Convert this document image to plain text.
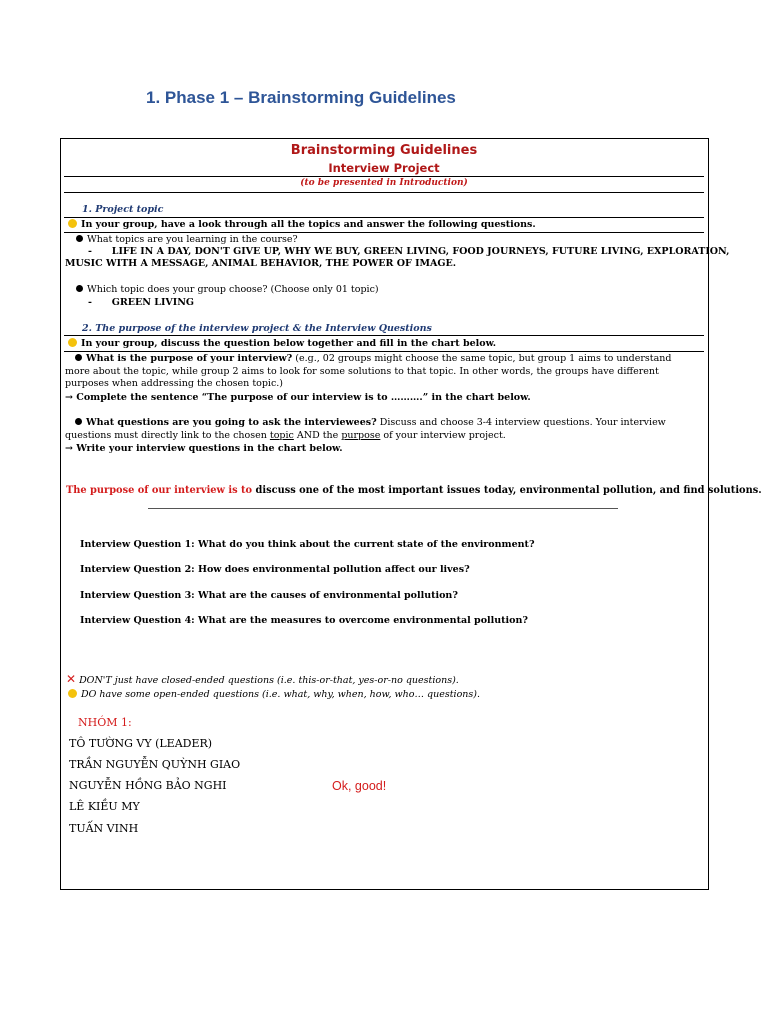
1. Phase 1 – Brainstorming Guidelines
Brainstorming Guidelines
Interview Project
(to be presented in Introduction)
1. Project topic
In your group, have a look through all the topics and answer the following questions.
What topics are you learning in the course?
-      LIFE IN A DAY, DON'T GIVE UP, WHY WE BUY, GREEN LIVING, FOOD JOURNEYS, FUTURE LIVING, EXPLORATION,
MUSIC WITH A MESSAGE, ANIMAL BEHAVIOR, THE POWER OF IMAGE.
Which topic does your group choose? (Choose only 01 topic)
-      GREEN LIVING
2. The purpose of the interview project & the Interview Questions
In your group, discuss the question below together and fill in the chart below.
What is the purpose of your interview? (e.g., 02 groups might choose the same topic, but group 1 aims to understand more about the topic, while group 2 aims to look for some solutions to that topic. In other words, the groups have different purposes when addressing the chosen topic.)
→ Complete the sentence “The purpose of our interview is to ……….” in the chart below.
What questions are you going to ask the interviewees? Discuss and choose 3-4 interview questions. Your interview questions must directly link to the chosen topic AND the purpose of your interview project.
→ Write your interview questions in the chart below.
The purpose of our interview is to discuss one of the most important issues today, environmental pollution, and find solutions.
Interview Question 1: What do you think about the current state of the environment?
Interview Question 2: How does environmental pollution affect our lives?
Interview Question 3: What are the causes of environmental pollution?
Interview Question 4: What are the measures to overcome environmental pollution?
✕ DON'T just have closed-ended questions (i.e. this-or-that, yes-or-no questions).
DO have some open-ended questions (i.e. what, why, when, how, who… questions).
NHÓM 1:
TÔ TƯỜNG VY (LEADER)
TRẦN NGUYỄN QUỲNH GIAO
NGUYỄN HỒNG BẢO NGHI
LÊ KIỀU MY
TUẤN VINH
Ok, good!
